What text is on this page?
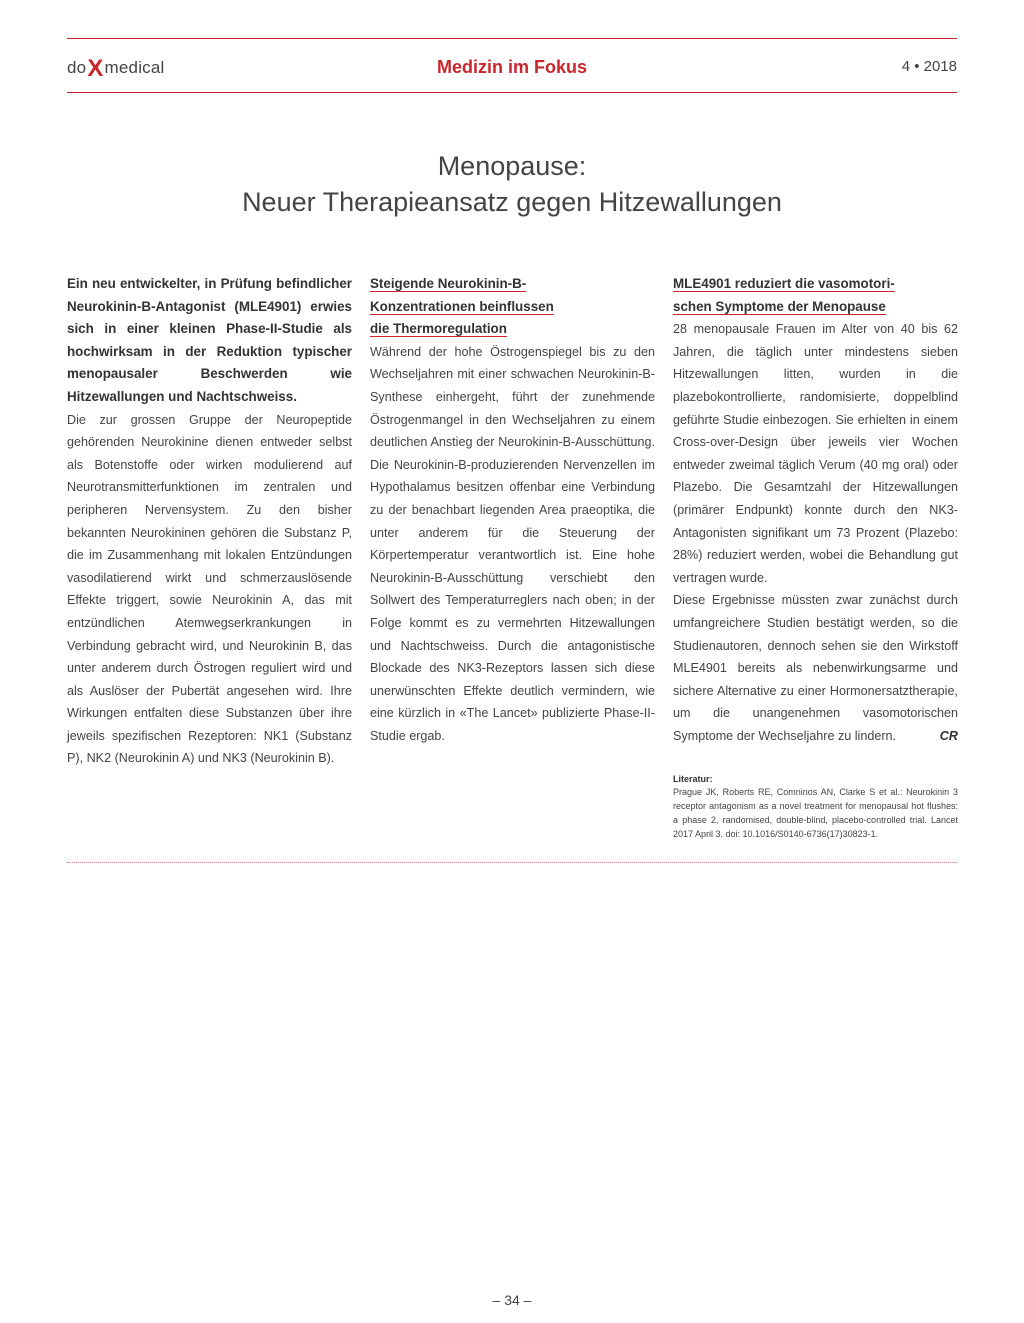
doXmedical	Medizin im Fokus	4 • 2018
Menopause:
Neuer Therapieansatz gegen Hitzewallungen

Ein neu entwickelter, in Prüfung befindlicher Neurokinin-B-Antagonist (MLE4901) erwies sich in einer kleinen Phase-II-Studie als hochwirksam in der Reduktion typischer menopausaler Beschwerden wie Hitzewallungen und Nachtschweiss.

Die zur grossen Gruppe der Neuropeptide gehörenden Neurokinine dienen entweder selbst als Botenstoffe oder wirken modulierend auf Neurotransmitterfunktionen im zentralen und peripheren Nervensystem. Zu den bisher bekannten Neurokininen gehören die Substanz P, die im Zusammenhang mit lokalen Entzündungen vasodilatierend wirkt und schmerzauslösende Effekte triggert, sowie Neurokinin A, das mit entzündlichen Atemwegserkrankungen in Verbindung gebracht wird, und Neurokinin B, das unter anderem durch Östrogen reguliert wird und als Auslöser der Pubertät angesehen wird. Ihre Wirkungen entfalten diese Substanzen über ihre jeweils spezifischen Rezeptoren: NK1 (Substanz P), NK2 (Neurokinin A) und NK3 (Neurokinin B).

Steigende Neurokinin-B-
Konzentrationen beinflussen
die Thermoregulation

Während der hohe Östrogenspiegel bis zu den Wechseljahren mit einer schwachen Neurokinin-B-Synthese einhergeht, führt der zunehmende Östrogenmangel in den Wechseljahren zu einem deutlichen Anstieg der Neurokinin-B-Ausschüttung. Die Neurokinin-B-produzierenden Nervenzellen im Hypothalamus besitzen offenbar eine Verbindung zu der benachbart liegenden Area praeoptika, die unter anderem für die Steuerung der Körpertemperatur verantwortlich ist. Eine hohe Neurokinin-B-Ausschüttung verschiebt den Sollwert des Temperaturreglers nach oben; in der Folge kommt es zu vermehrten Hitzewallungen und Nachtschweiss. Durch die antagonistische Blockade des NK3-Rezeptors lassen sich diese unerwünschten Effekte deutlich vermindern, wie eine kürzlich in «The Lancet» publizierte Phase-II-Studie ergab.

MLE4901 reduziert die vasomotori-
schen Symptome der Menopause

28 menopausale Frauen im Alter von 40 bis 62 Jahren, die täglich unter mindestens sieben Hitzewallungen litten, wurden in die plazebokontrollierte, randomisierte, doppelblind geführte Studie einbezogen. Sie erhielten in einem Cross-over-Design über jeweils vier Wochen entweder zweimal täglich Verum (40 mg oral) oder Plazebo. Die Gesamtzahl der Hitzewallungen (primärer Endpunkt) konnte durch den NK3-Antagonisten signifikant um 73 Prozent (Plazebo: 28%) reduziert werden, wobei die Behandlung gut vertragen wurde.

Diese Ergebnisse müssten zwar zunächst durch umfangreichere Studien bestätigt werden, so die Studienautoren, dennoch sehen sie den Wirkstoff MLE4901 bereits als nebenwirkungsarme und sichere Alternative zu einer Hormonersatztherapie, um die unangenehmen vasomotorischen Symptome der Wechseljahre zu lindern.	CR
Literatur:

Prague JK, Roberts RE, Comninos AN, Clarke S et al.: Neurokinin 3 receptor antagonism as a novel treatment for menopausal hot flushes: a phase 2, randomised, double-blind, placebo-controlled trial. Lancet 2017 April 3. doi: 10.1016/S0140-6736(17)30823-1.

– 34 –
